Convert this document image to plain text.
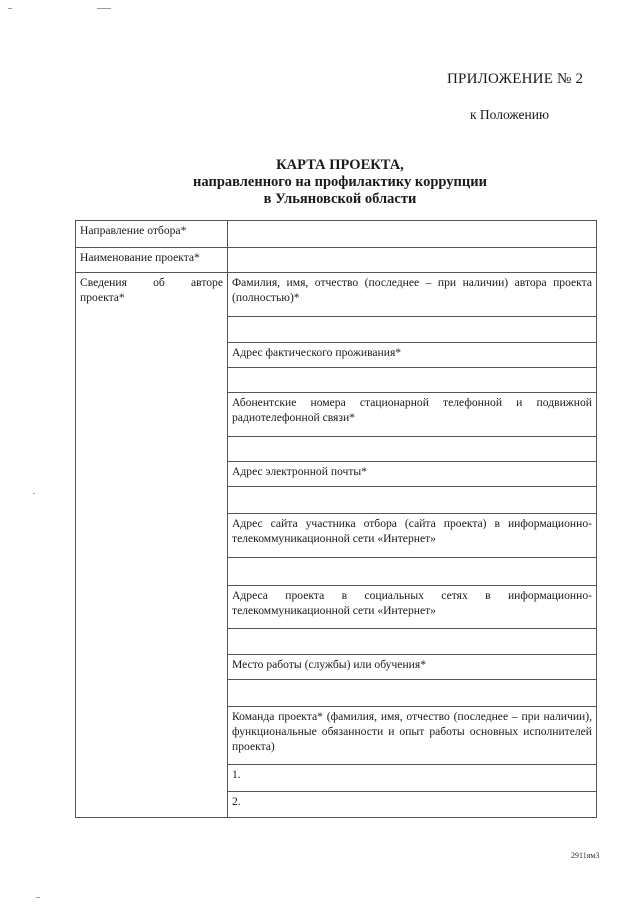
ПРИЛОЖЕНИЕ № 2
к Положению
КАРТА ПРОЕКТА,
направленного на профилактику коррупции
в Ульяновской области
Направление отбора*	
Наименование проекта*	
Сведения об авторе проекта*	Фамилия, имя, отчество (последнее – при наличии) автора проекта (полностью)*

	Адрес фактического проживания*

	Абонентские номера стационарной телефонной и подвижной радиотелефонной связи*

	Адрес электронной почты*

	Адрес сайта участника отбора (сайта проекта) в информационно-телекоммуникационной сети «Интернет»

	Адреса проекта в социальных сетях в информационно-телекоммуникационной сети «Интернет»

	Место работы (службы) или обучения*

	Команда проекта* (фамилия, имя, отчество (последнее – при наличии), функциональные обязанности и опыт работы основных исполнителей проекта)
	1.
	2.
2911ям3
